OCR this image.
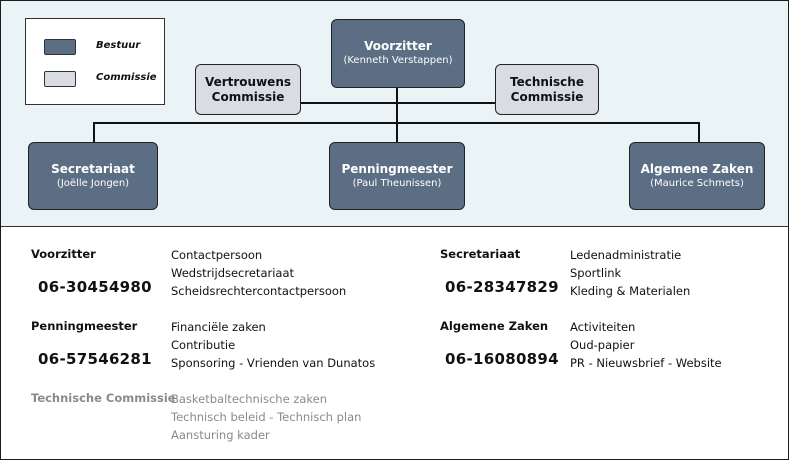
Bestuur
Commissie
Voorzitter
(Kenneth Verstappen)
Vertrouwens
Commissie
Technische
Commissie
Secretariaat
(Joëlle Jongen)
Penningmeester
(Paul Theunissen)
Algemene Zaken
(Maurice Schmets)
Voorzitter
06-30454980
Contactpersoon
Wedstrijdsecretariaat
Scheidsrechtercontactpersoon
Penningmeester
06-57546281
Financiële zaken
Contributie
Sponsoring - Vrienden van Dunatos
Technische Commissie
Basketbaltechnische zaken
Technisch beleid - Technisch plan
Aansturing kader
Secretariaat
06-28347829
Ledenadministratie
Sportlink
Kleding & Materialen
Algemene Zaken
06-16080894
Activiteiten
Oud-papier
PR - Nieuwsbrief - Website
